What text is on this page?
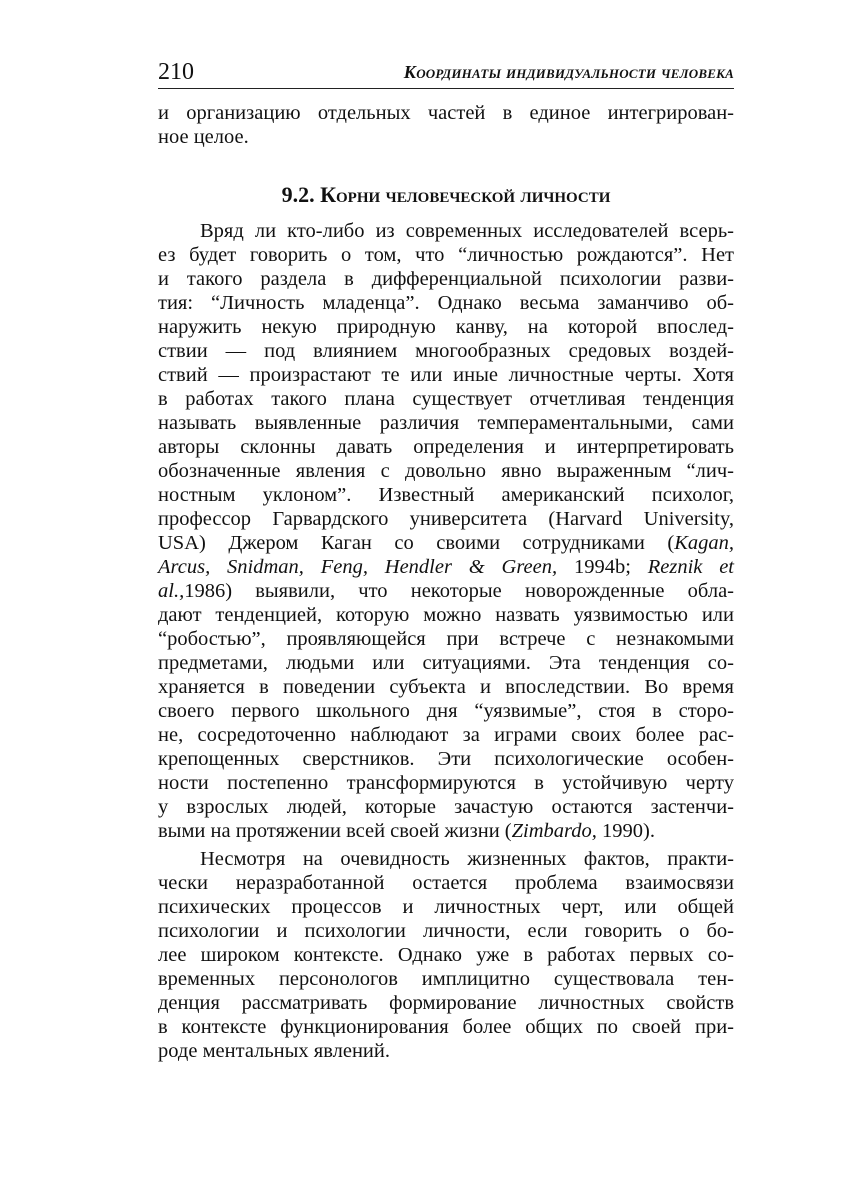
210	Координаты индивидуальности человека
и организацию отдельных частей в единое интегрирован-
ное целое.
9.2. Корни человеческой личности
Вряд ли кто-либо из современных исследователей всерь-
ез будет говорить о том, что “личностью рождаются”. Нет
и такого раздела в дифференциальной психологии разви-
тия: “Личность младенца”. Однако весьма заманчиво об-
наружить некую природную канву, на которой впослед-
ствии — под влиянием многообразных средовых воздей-
ствий — произрастают те или иные личностные черты. Хотя
в работах такого плана существует отчетливая тенденция
называть выявленные различия темпераментальными, сами
авторы склонны давать определения и интерпретировать
обозначенные явления с довольно явно выраженным “лич-
ностным уклоном”. Известный американский психолог,
профессор Гарвардского университета (Harvard University,
USA) Джером Каган со своими сотрудниками (Kagan,
Arcus, Snidman, Feng, Hendler & Green, 1994b; Reznik et
al.,1986) выявили, что некоторые новорожденные обла-
дают тенденцией, которую можно назвать уязвимостью или
“робостью”, проявляющейся при встрече с незнакомыми
предметами, людьми или ситуациями. Эта тенденция со-
храняется в поведении субъекта и впоследствии. Во время
своего первого школьного дня “уязвимые”, стоя в сторо-
не, сосредоточенно наблюдают за играми своих более рас-
крепощенных сверстников. Эти психологические особен-
ности постепенно трансформируются в устойчивую черту
у взрослых людей, которые зачастую остаются застенчи-
выми на протяжении всей своей жизни (Zimbardo, 1990).
Несмотря на очевидность жизненных фактов, практи-
чески неразработанной остается проблема взаимосвязи
психических процессов и личностных черт, или общей
психологии и психологии личности, если говорить о бо-
лее широком контексте. Однако уже в работах первых со-
временных персонологов имплицитно существовала тен-
денция рассматривать формирование личностных свойств
в контексте функционирования более общих по своей при-
роде ментальных явлений.
